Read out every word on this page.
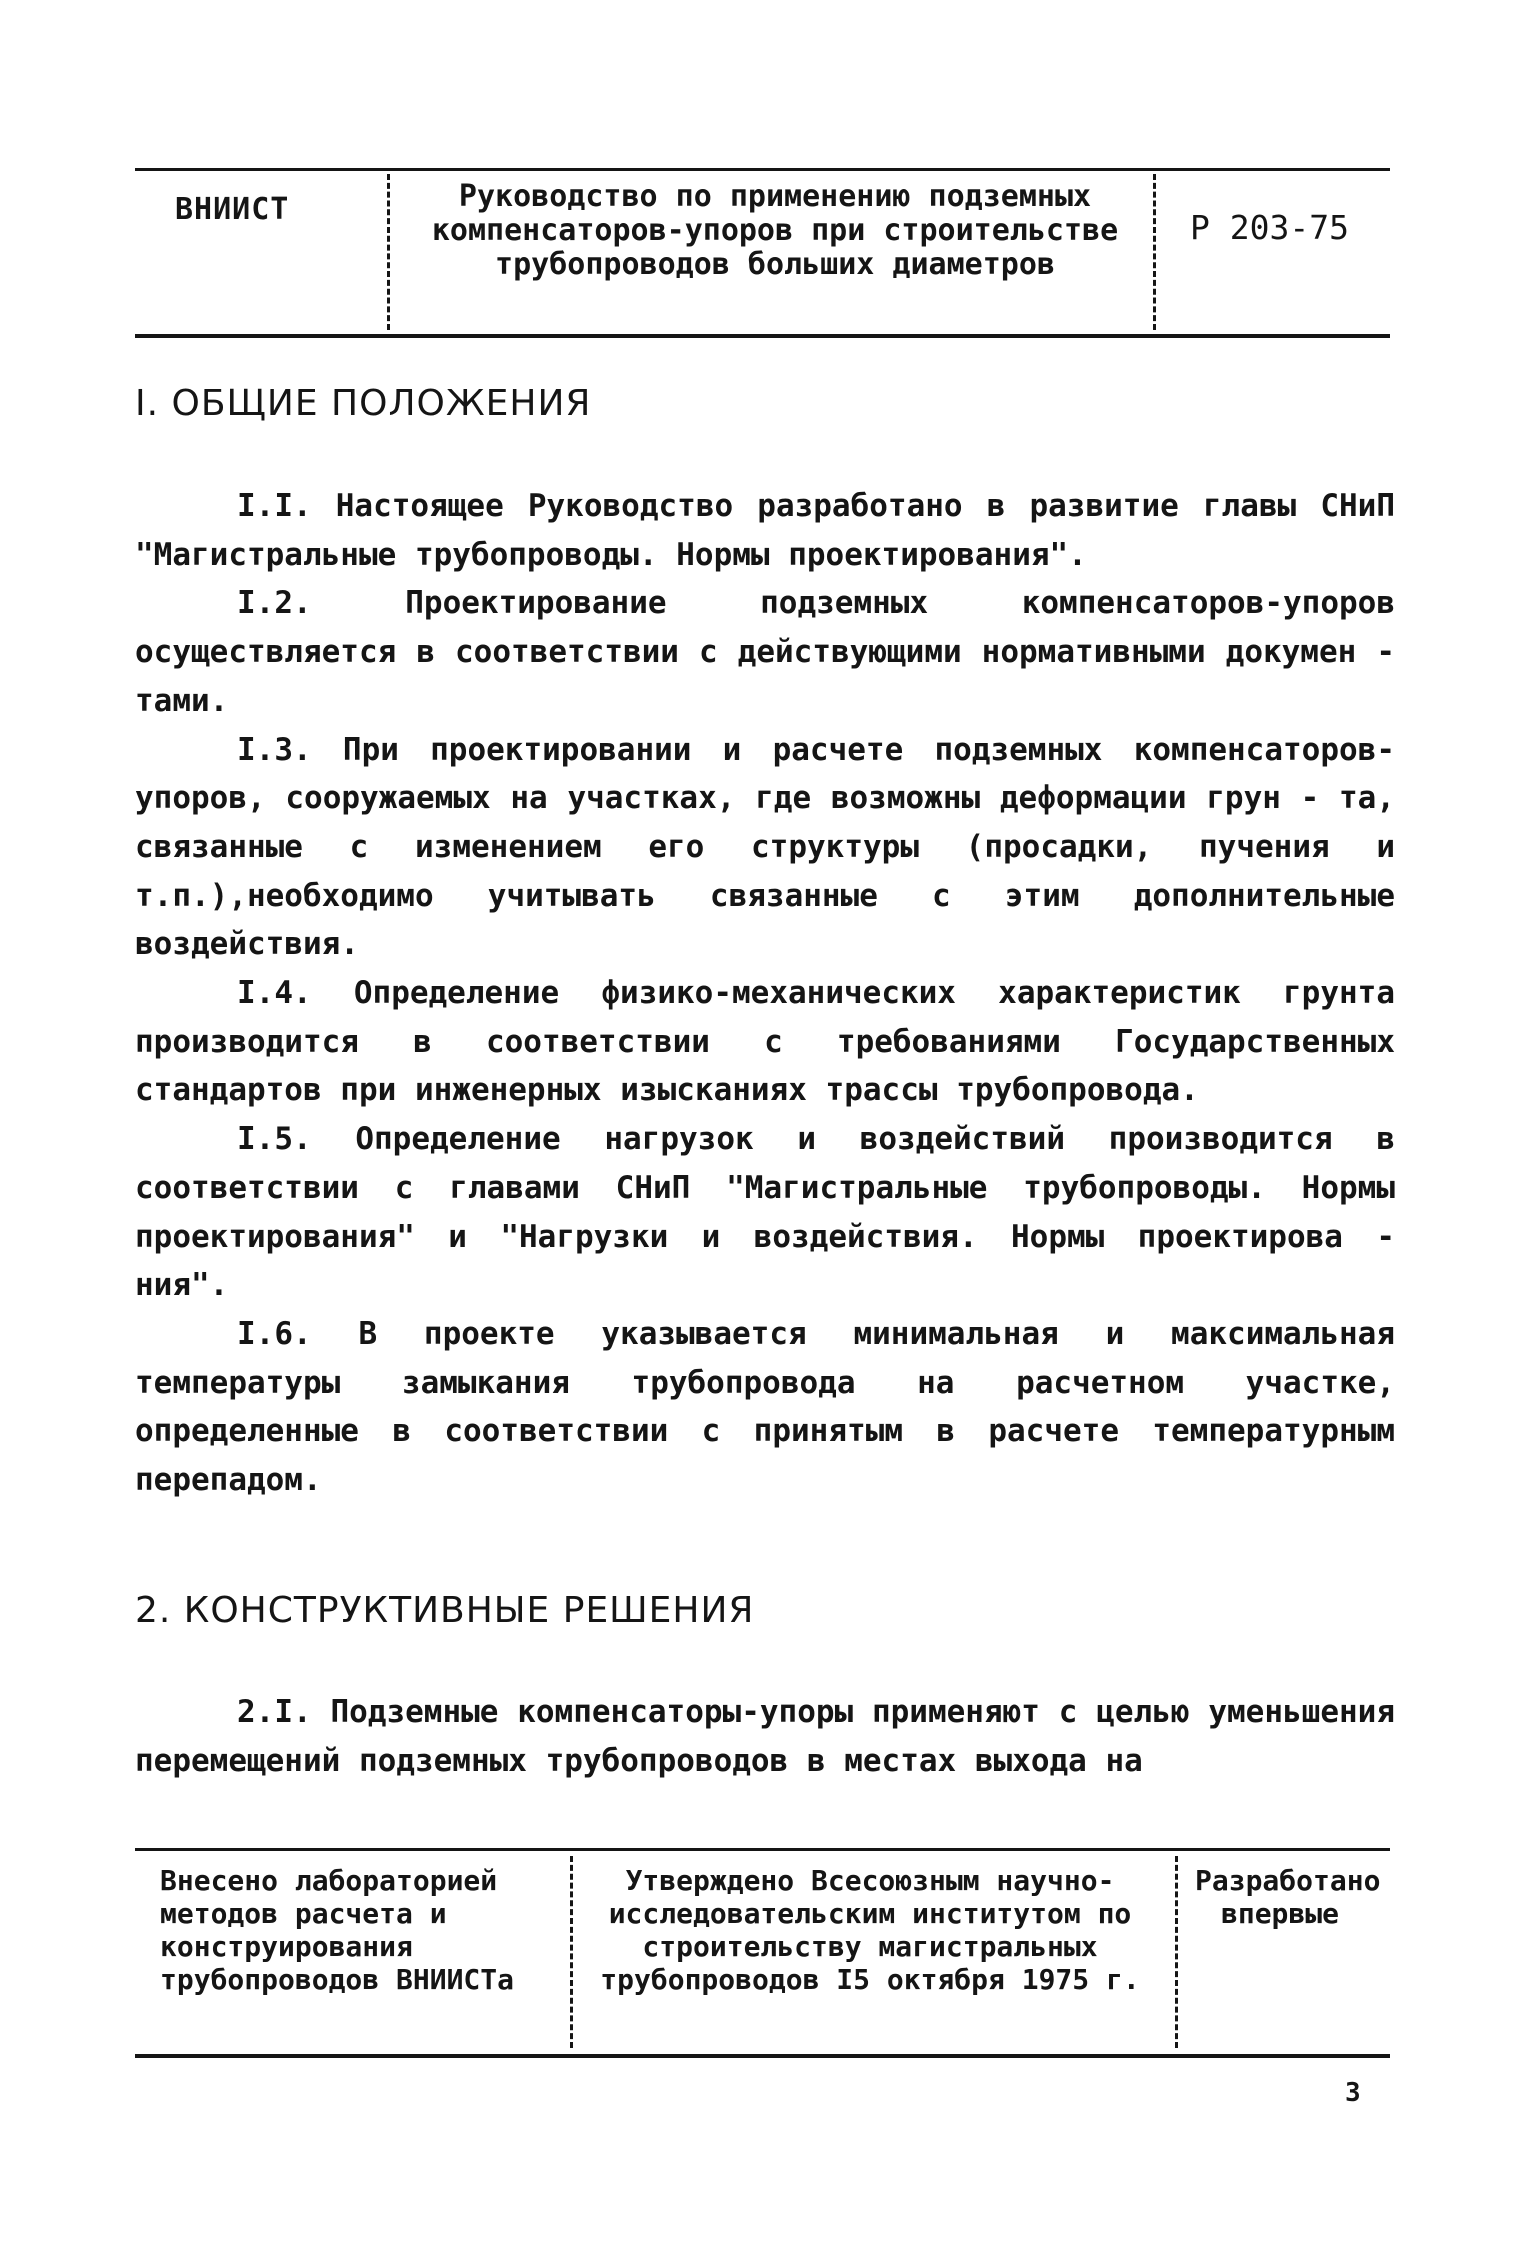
ВНИИСТ	Руководство по применению подземных компенсаторов-упоров при строительстве трубопроводов больших диаметров
Р 203-75
I. ОБЩИЕ ПОЛОЖЕНИЯ

I.I. Настоящее Руководство разработано в развитие главы СНиП "Магистральные трубопроводы. Нормы проектирования".

I.2. Проектирование подземных компенсаторов-упоров осуществляется в соответствии с действующими нормативными докумен - тами.

I.3. При проектировании и расчете подземных компенсаторов-упоров, сооружаемых на участках, где возможны деформации грун - та, связанные с изменением его структуры (просадки, пучения и т.п.),необходимо учитывать связанные с этим дополнительные воздействия.

I.4. Определение физико-механических характеристик грунта производится в соответствии с требованиями Государственных стандартов при инженерных изысканиях трассы трубопровода.

I.5. Определение нагрузок и воздействий производится в соответствии с главами СНиП "Магистральные трубопроводы. Нормы проектирования" и "Нагрузки и воздействия. Нормы проектирова - ния".

I.6. В проекте указывается минимальная и максимальная температуры замыкания трубопровода на расчетном участке, определенные в соответствии с принятым в расчете температурным перепадом.

2. КОНСТРУКТИВНЫЕ РЕШЕНИЯ

2.I. Подземные компенсаторы-упоры применяют с целью уменьшения перемещений подземных трубопроводов в местах выхода на

Внесено лабораторией методов расчета и конструирования трубопроводов ВНИИСТа
Утверждено Всесоюзным научно-исследовательским институтом по строительству магистральных трубопроводов I5 октября 1975 г.
Разработано впервые
3
